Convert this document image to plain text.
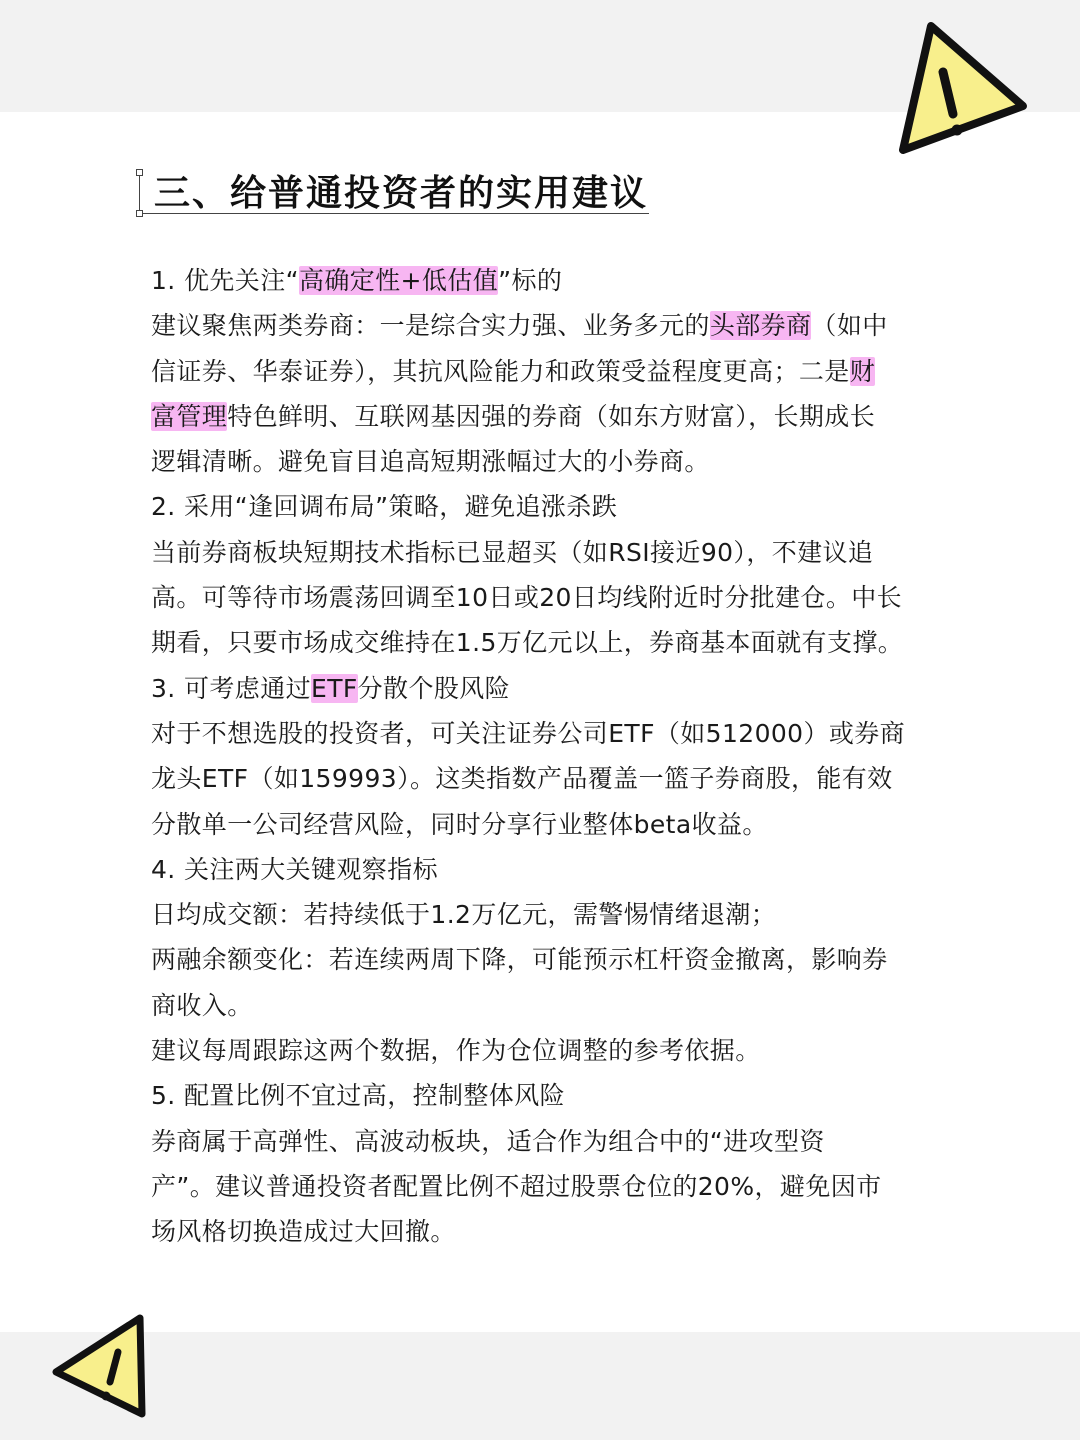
三、给普通投资者的实用建议
1. 优先关注“高确定性+低估值”标的
建议聚焦两类券商：一是综合实力强、业务多元的头部券商（如中
信证券、华泰证券），其抗风险能力和政策受益程度更高；二是财
富管理特色鲜明、互联网基因强的券商（如东方财富），长期成长
逻辑清晰。避免盲目追高短期涨幅过大的小券商。
2. 采用“逢回调布局”策略，避免追涨杀跌
当前券商板块短期技术指标已显超买（如RSI接近90），不建议追
高。可等待市场震荡回调至10日或20日均线附近时分批建仓。中长
期看，只要市场成交维持在1.5万亿元以上，券商基本面就有支撑。
3. 可考虑通过ETF分散个股风险
对于不想选股的投资者，可关注证券公司ETF（如512000）或券商
龙头ETF（如159993）。这类指数产品覆盖一篮子券商股，能有效
分散单一公司经营风险，同时分享行业整体beta收益。
4. 关注两大关键观察指标
日均成交额：若持续低于1.2万亿元，需警惕情绪退潮；
两融余额变化：若连续两周下降，可能预示杠杆资金撤离，影响券
商收入。
建议每周跟踪这两个数据，作为仓位调整的参考依据。
5. 配置比例不宜过高，控制整体风险
券商属于高弹性、高波动板块，适合作为组合中的“进攻型资
产”。建议普通投资者配置比例不超过股票仓位的20%，避免因市
场风格切换造成过大回撤。
